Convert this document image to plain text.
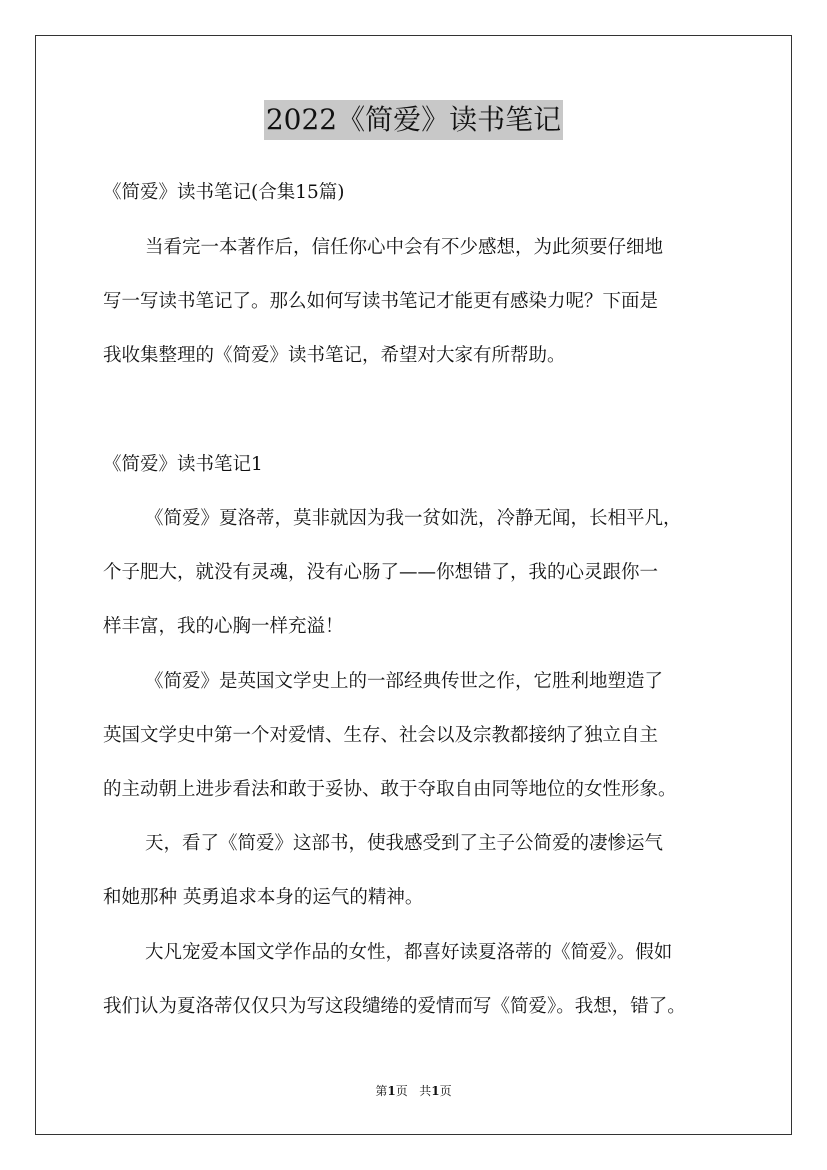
2022《简爱》读书笔记
《简爱》读书笔记(合集15篇)
当看完一本著作后，信任你心中会有不少感想，为此须要仔细地
写一写读书笔记了。那么如何写读书笔记才能更有感染力呢？下面是
我收集整理的《简爱》读书笔记，希望对大家有所帮助。
《简爱》读书笔记1
《简爱》夏洛蒂，莫非就因为我一贫如洗，冷静无闻，长相平凡，
个子肥大，就没有灵魂，没有心肠了——你想错了，我的心灵跟你一
样丰富，我的心胸一样充溢！
《简爱》是英国文学史上的一部经典传世之作，它胜利地塑造了
英国文学史中第一个对爱情、生存、社会以及宗教都接纳了独立自主
的主动朝上进步看法和敢于妥协、敢于夺取自由同等地位的女性形象。
天，看了《简爱》这部书，使我感受到了主子公简爱的凄惨运气
和她那种 英勇追求本身的运气的精神。
大凡宠爱本国文学作品的女性，都喜好读夏洛蒂的《简爱》。假如
我们认为夏洛蒂仅仅只为写这段缱绻的爱情而写《简爱》。我想，错了。
第1页 共1页
